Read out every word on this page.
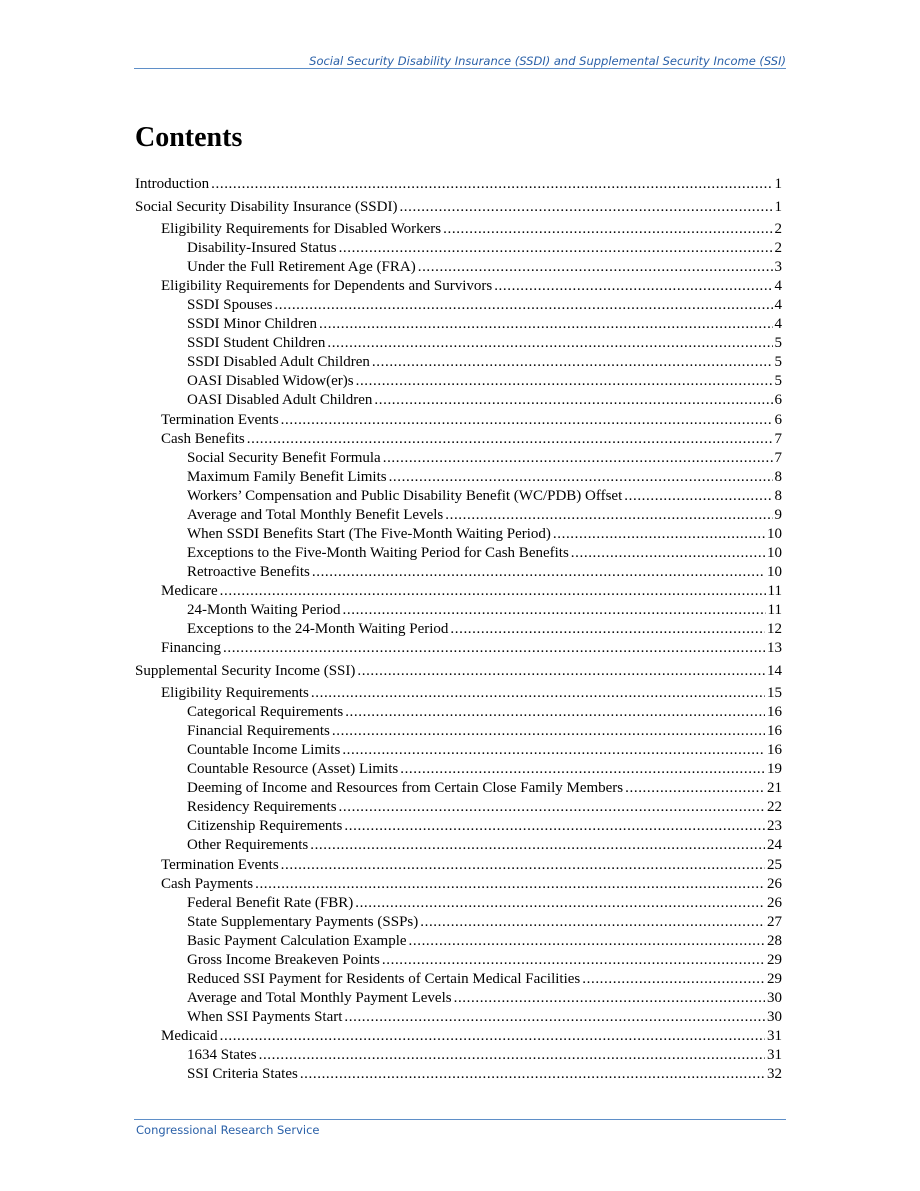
Social Security Disability Insurance (SSDI) and Supplemental Security Income (SSI)
Contents
Introduction .....	1
Social Security Disability Insurance (SSDI) .....	1
Eligibility Requirements for Disabled Workers .....	2
Disability-Insured Status .....	2
Under the Full Retirement Age (FRA) .....	3
Eligibility Requirements for Dependents and Survivors .....	4
SSDI Spouses .....	4
SSDI Minor Children .....	4
SSDI Student Children .....	5
SSDI Disabled Adult Children .....	5
OASI Disabled Widow(er)s .....	5
OASI Disabled Adult Children .....	6
Termination Events .....	6
Cash Benefits .....	7
Social Security Benefit Formula .....	7
Maximum Family Benefit Limits .....	8
Workers’ Compensation and Public Disability Benefit (WC/PDB) Offset .....	8
Average and Total Monthly Benefit Levels .....	9
When SSDI Benefits Start (The Five-Month Waiting Period) .....	10
Exceptions to the Five-Month Waiting Period for Cash Benefits .....	10
Retroactive Benefits .....	10
Medicare .....	11
24-Month Waiting Period .....	11
Exceptions to the 24-Month Waiting Period .....	12
Financing .....	13
Supplemental Security Income (SSI) .....	14
Eligibility Requirements .....	15
Categorical Requirements .....	16
Financial Requirements .....	16
Countable Income Limits .....	16
Countable Resource (Asset) Limits .....	19
Deeming of Income and Resources from Certain Close Family Members .....	21
Residency Requirements .....	22
Citizenship Requirements .....	23
Other Requirements .....	24
Termination Events .....	25
Cash Payments .....	26
Federal Benefit Rate (FBR) .....	26
State Supplementary Payments (SSPs) .....	27
Basic Payment Calculation Example .....	28
Gross Income Breakeven Points .....	29
Reduced SSI Payment for Residents of Certain Medical Facilities .....	29
Average and Total Monthly Payment Levels .....	30
When SSI Payments Start .....	30
Medicaid .....	31
1634 States .....	31
SSI Criteria States .....	32
Congressional Research Service
